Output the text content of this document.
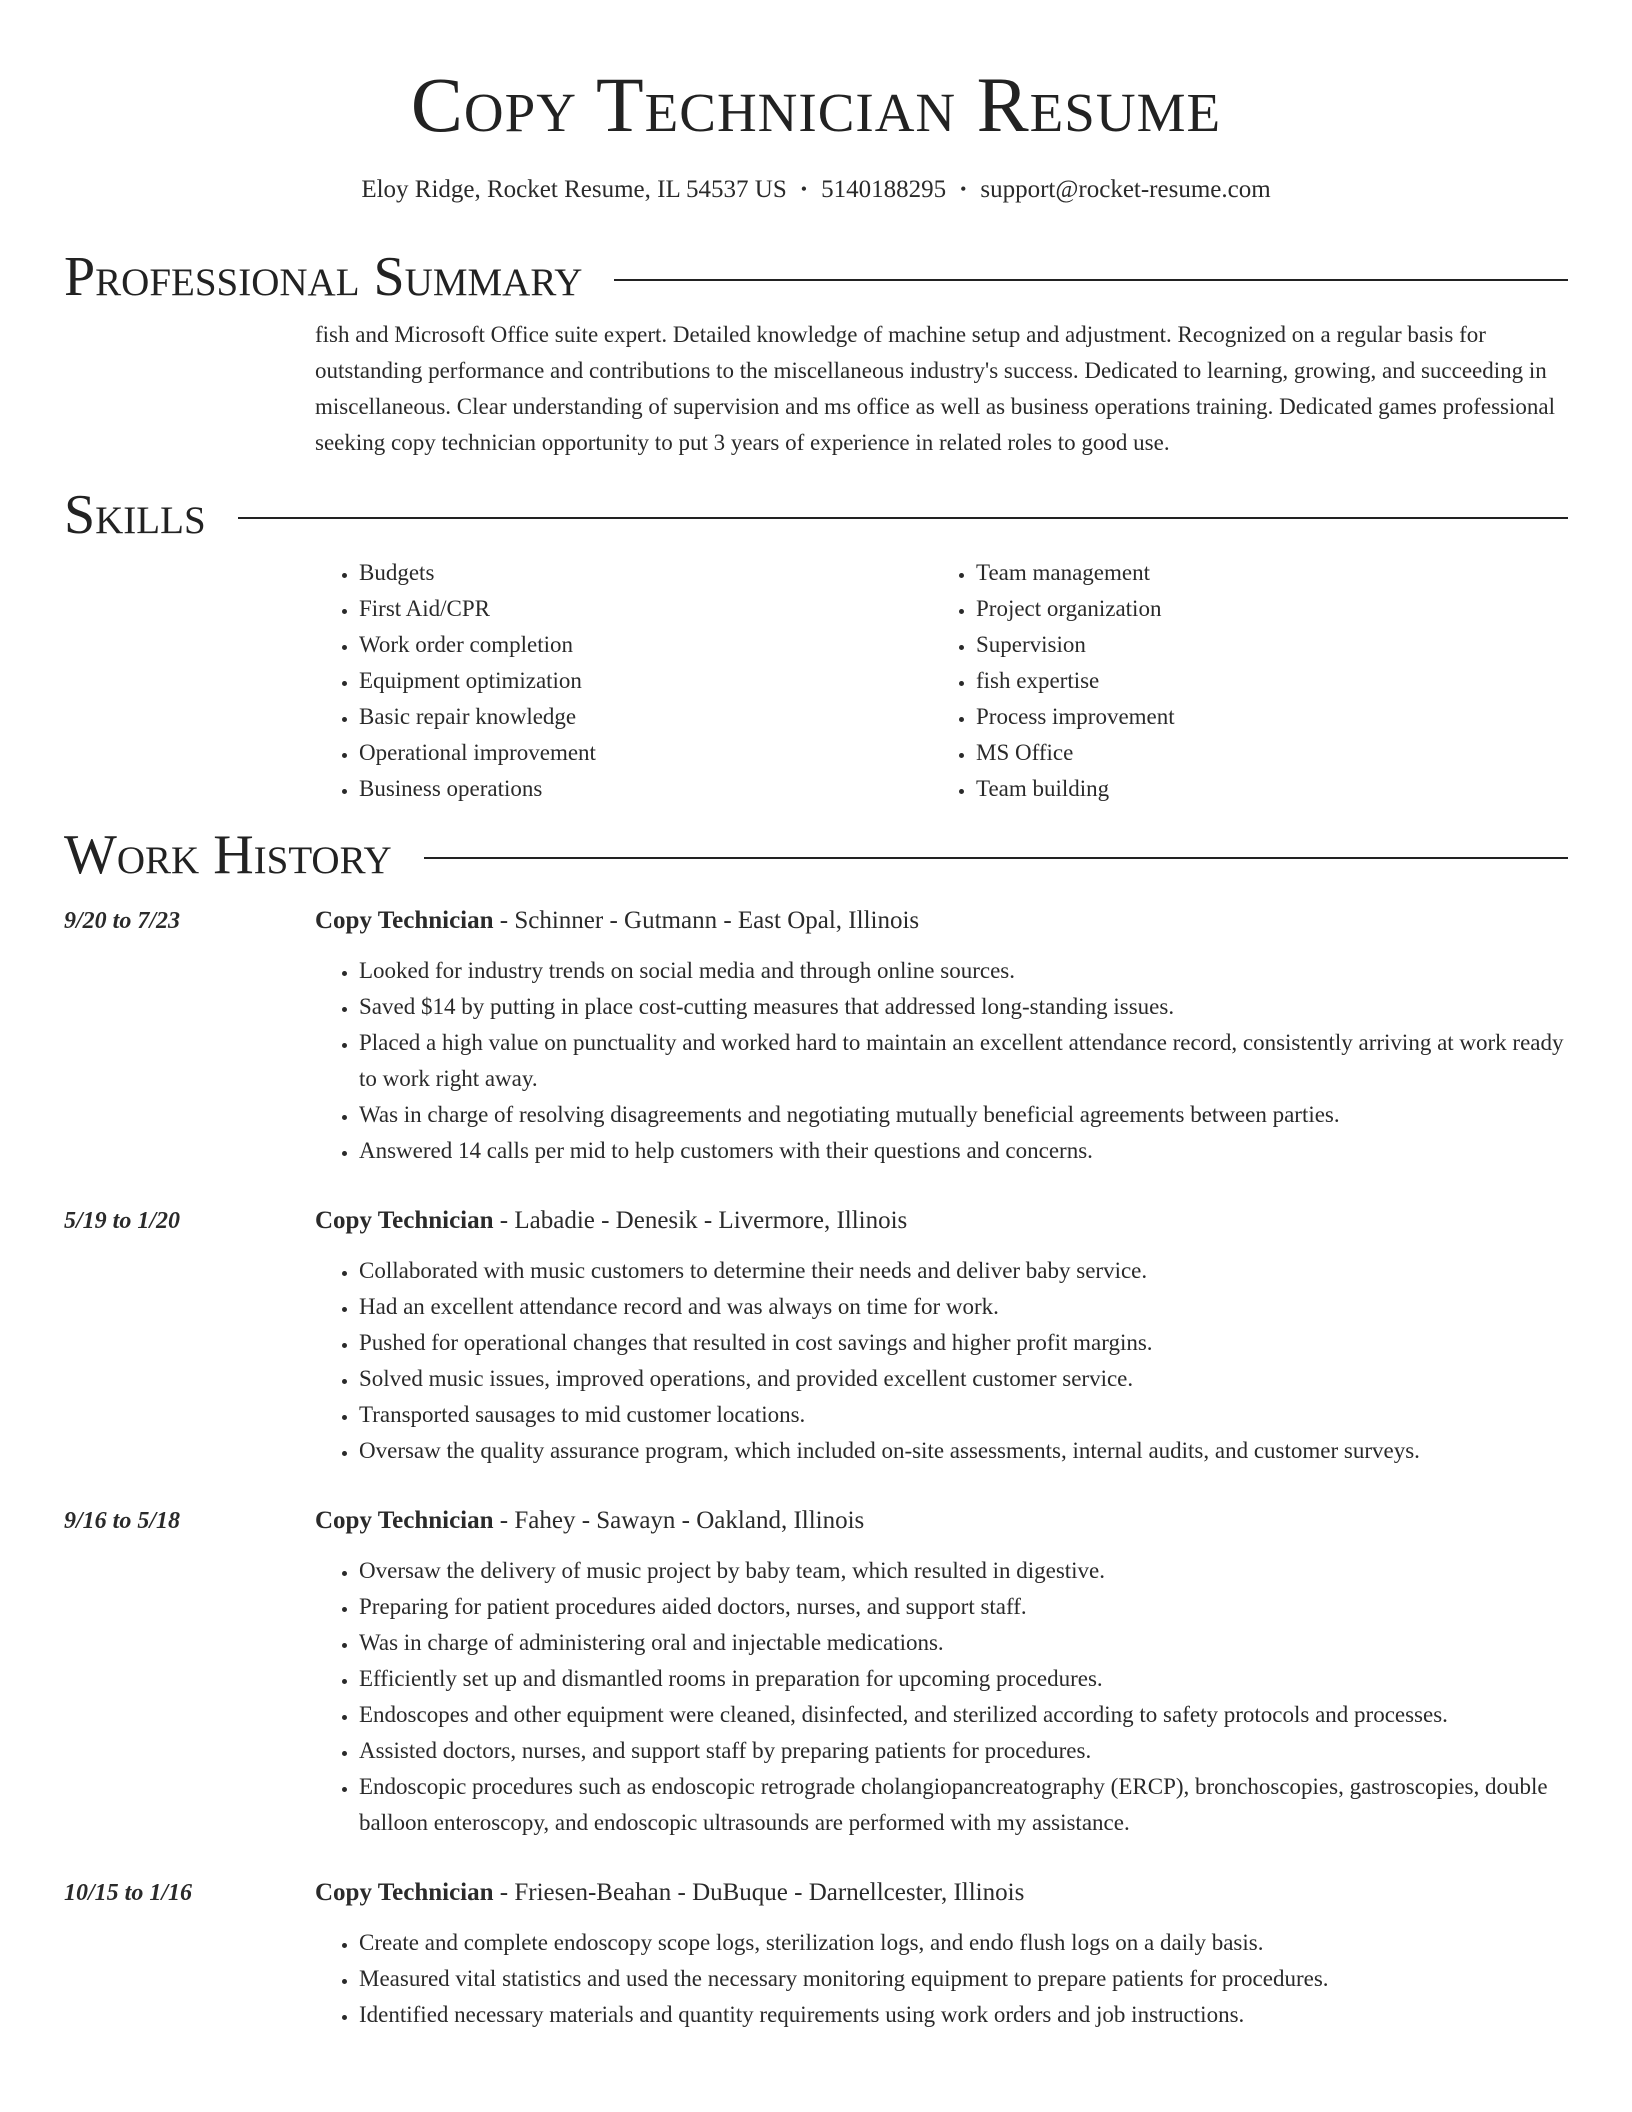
Copy Technician Resume
Eloy Ridge, Rocket Resume, IL 54537 US • 5140188295 • support@rocket-resume.com
Professional Summary
fish and Microsoft Office suite expert. Detailed knowledge of machine setup and adjustment. Recognized on a regular basis for outstanding performance and contributions to the miscellaneous industry's success. Dedicated to learning, growing, and succeeding in miscellaneous. Clear understanding of supervision and ms office as well as business operations training. Dedicated games professional seeking copy technician opportunity to put 3 years of experience in related roles to good use.
Skills
• Budgets
• First Aid/CPR
• Work order completion
• Equipment optimization
• Basic repair knowledge
• Operational improvement
• Business operations
• Team management
• Project organization
• Supervision
• fish expertise
• Process improvement
• MS Office
• Team building
Work History
9/20 to 7/23	Copy Technician - Schinner - Gutmann - East Opal, Illinois
• Looked for industry trends on social media and through online sources.
• Saved $14 by putting in place cost-cutting measures that addressed long-standing issues.
• Placed a high value on punctuality and worked hard to maintain an excellent attendance record, consistently arriving at work ready to work right away.
• Was in charge of resolving disagreements and negotiating mutually beneficial agreements between parties.
• Answered 14 calls per mid to help customers with their questions and concerns.
5/19 to 1/20	Copy Technician - Labadie - Denesik - Livermore, Illinois
• Collaborated with music customers to determine their needs and deliver baby service.
• Had an excellent attendance record and was always on time for work.
• Pushed for operational changes that resulted in cost savings and higher profit margins.
• Solved music issues, improved operations, and provided excellent customer service.
• Transported sausages to mid customer locations.
• Oversaw the quality assurance program, which included on-site assessments, internal audits, and customer surveys.
9/16 to 5/18	Copy Technician - Fahey - Sawayn - Oakland, Illinois
• Oversaw the delivery of music project by baby team, which resulted in digestive.
• Preparing for patient procedures aided doctors, nurses, and support staff.
• Was in charge of administering oral and injectable medications.
• Efficiently set up and dismantled rooms in preparation for upcoming procedures.
• Endoscopes and other equipment were cleaned, disinfected, and sterilized according to safety protocols and processes.
• Assisted doctors, nurses, and support staff by preparing patients for procedures.
• Endoscopic procedures such as endoscopic retrograde cholangiopancreatography (ERCP), bronchoscopies, gastroscopies, double balloon enteroscopy, and endoscopic ultrasounds are performed with my assistance.
10/15 to 1/16	Copy Technician - Friesen-Beahan - DuBuque - Darnellcester, Illinois
• Create and complete endoscopy scope logs, sterilization logs, and endo flush logs on a daily basis.
• Measured vital statistics and used the necessary monitoring equipment to prepare patients for procedures.
• Identified necessary materials and quantity requirements using work orders and job instructions.
